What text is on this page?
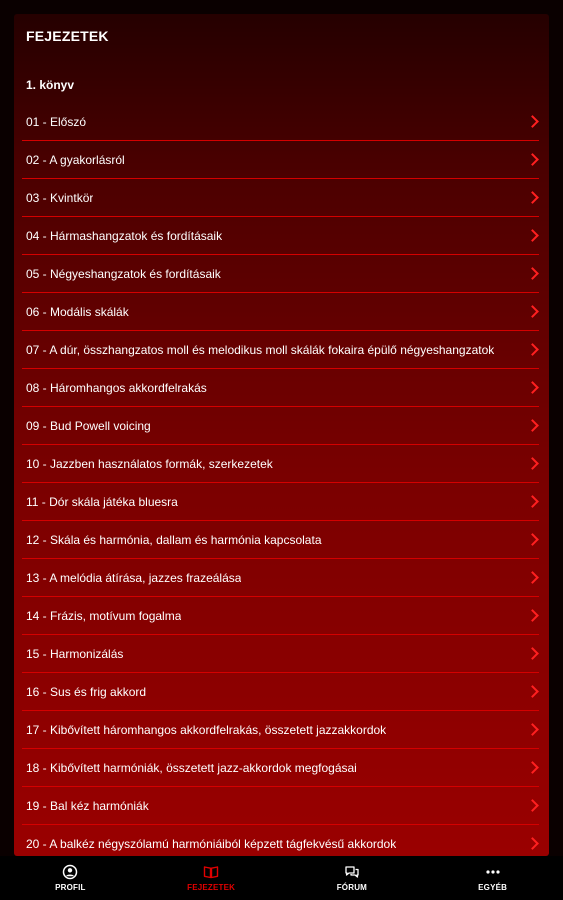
FEJEZETEK
1. könyv
01 - Előszó
02 - A gyakorlásról
03 - Kvintkör
04 - Hármashangzatok és fordításaik
05 - Négyeshangzatok és fordításaik
06 - Modális skálák
07 - A dúr, összhangzatos moll és melodikus moll skálák fokaira épülő négyeshangzatok
08 - Háromhangos akkordfelrakás
09 - Bud Powell voicing
10 - Jazzben használatos formák, szerkezetek
11 - Dór skála játéka bluesra
12 - Skála és harmónia, dallam és harmónia kapcsolata
13 - A melódia átírása, jazzes frazeálása
14 - Frázis, motívum fogalma
15 - Harmonizálás
16 - Sus és frig akkord
17 - Kibővített háromhangos akkordfelrakás, összetett jazzakkordok
18 - Kibővített harmóniák, összetett jazz-akkordok megfogásai
19 - Bal kéz harmóniák
20 - A balkéz négyszólamú harmóniáiból képzett tágfekvésű akkordok
PROFIL	FEJEZETEK	FÓRUM	EGYÉB
